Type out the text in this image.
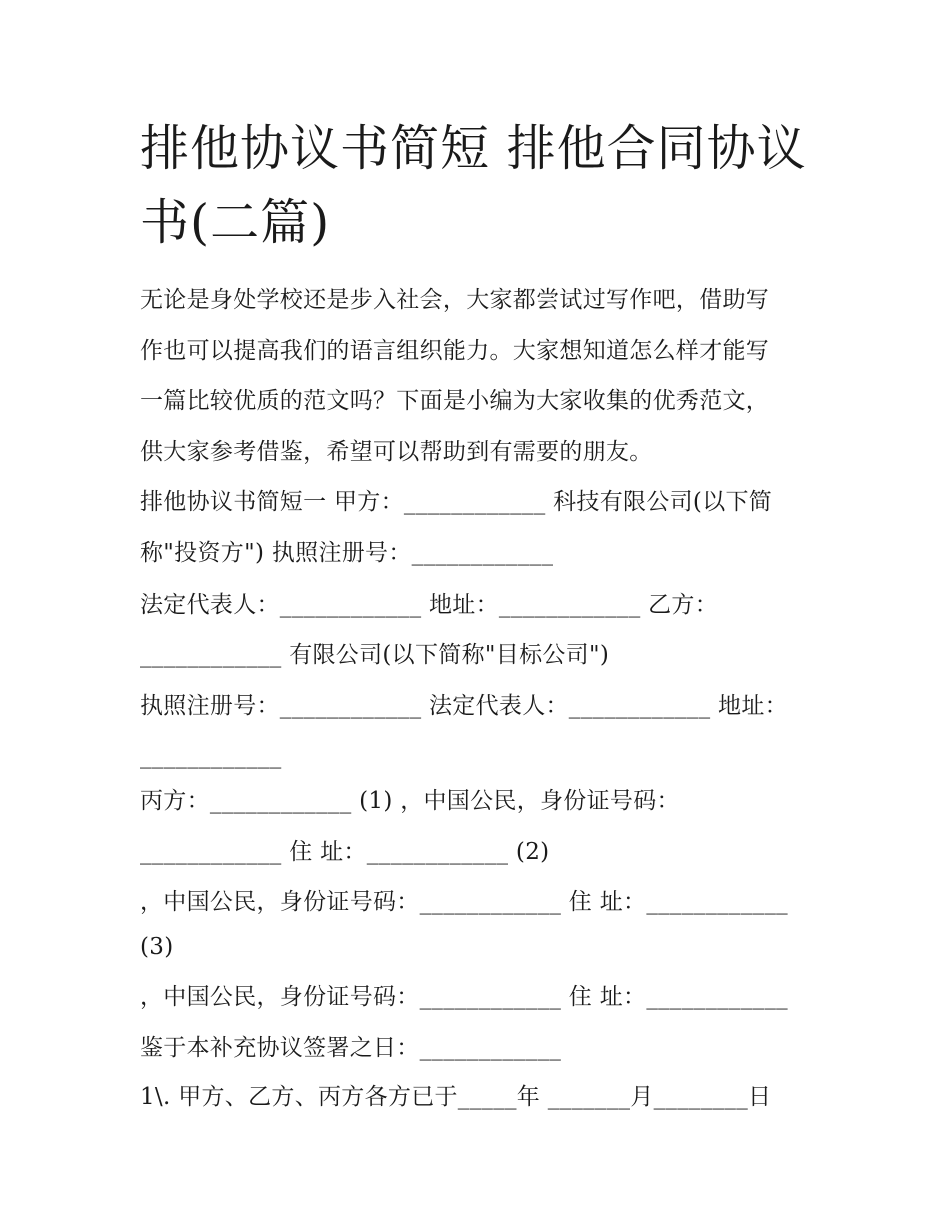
排他协议书简短 排他合同协议
书(二篇)

无论是身处学校还是步入社会，大家都尝试过写作吧，借助写

作也可以提高我们的语言组织能力。大家想知道怎么样才能写

一篇比较优质的范文吗？下面是小编为大家收集的优秀范文，

供大家参考借鉴，希望可以帮助到有需要的朋友。

排他协议书简短一 甲方：____________ 科技有限公司(以下简

称"投资方") 执照注册号：____________

法定代表人：____________ 地址：____________ 乙方：

____________ 有限公司(以下简称"目标公司")

执照注册号：____________ 法定代表人：____________ 地址：

____________

丙方：____________ (1) ，中国公民，身份证号码：

____________ 住 址：____________ (2)

，中国公民，身份证号码：____________ 住 址：____________

(3)

，中国公民，身份证号码：____________ 住 址：____________

鉴于本补充协议签署之日：____________

1\. 甲方、乙方、丙方各方已于_____年 _______月________日
